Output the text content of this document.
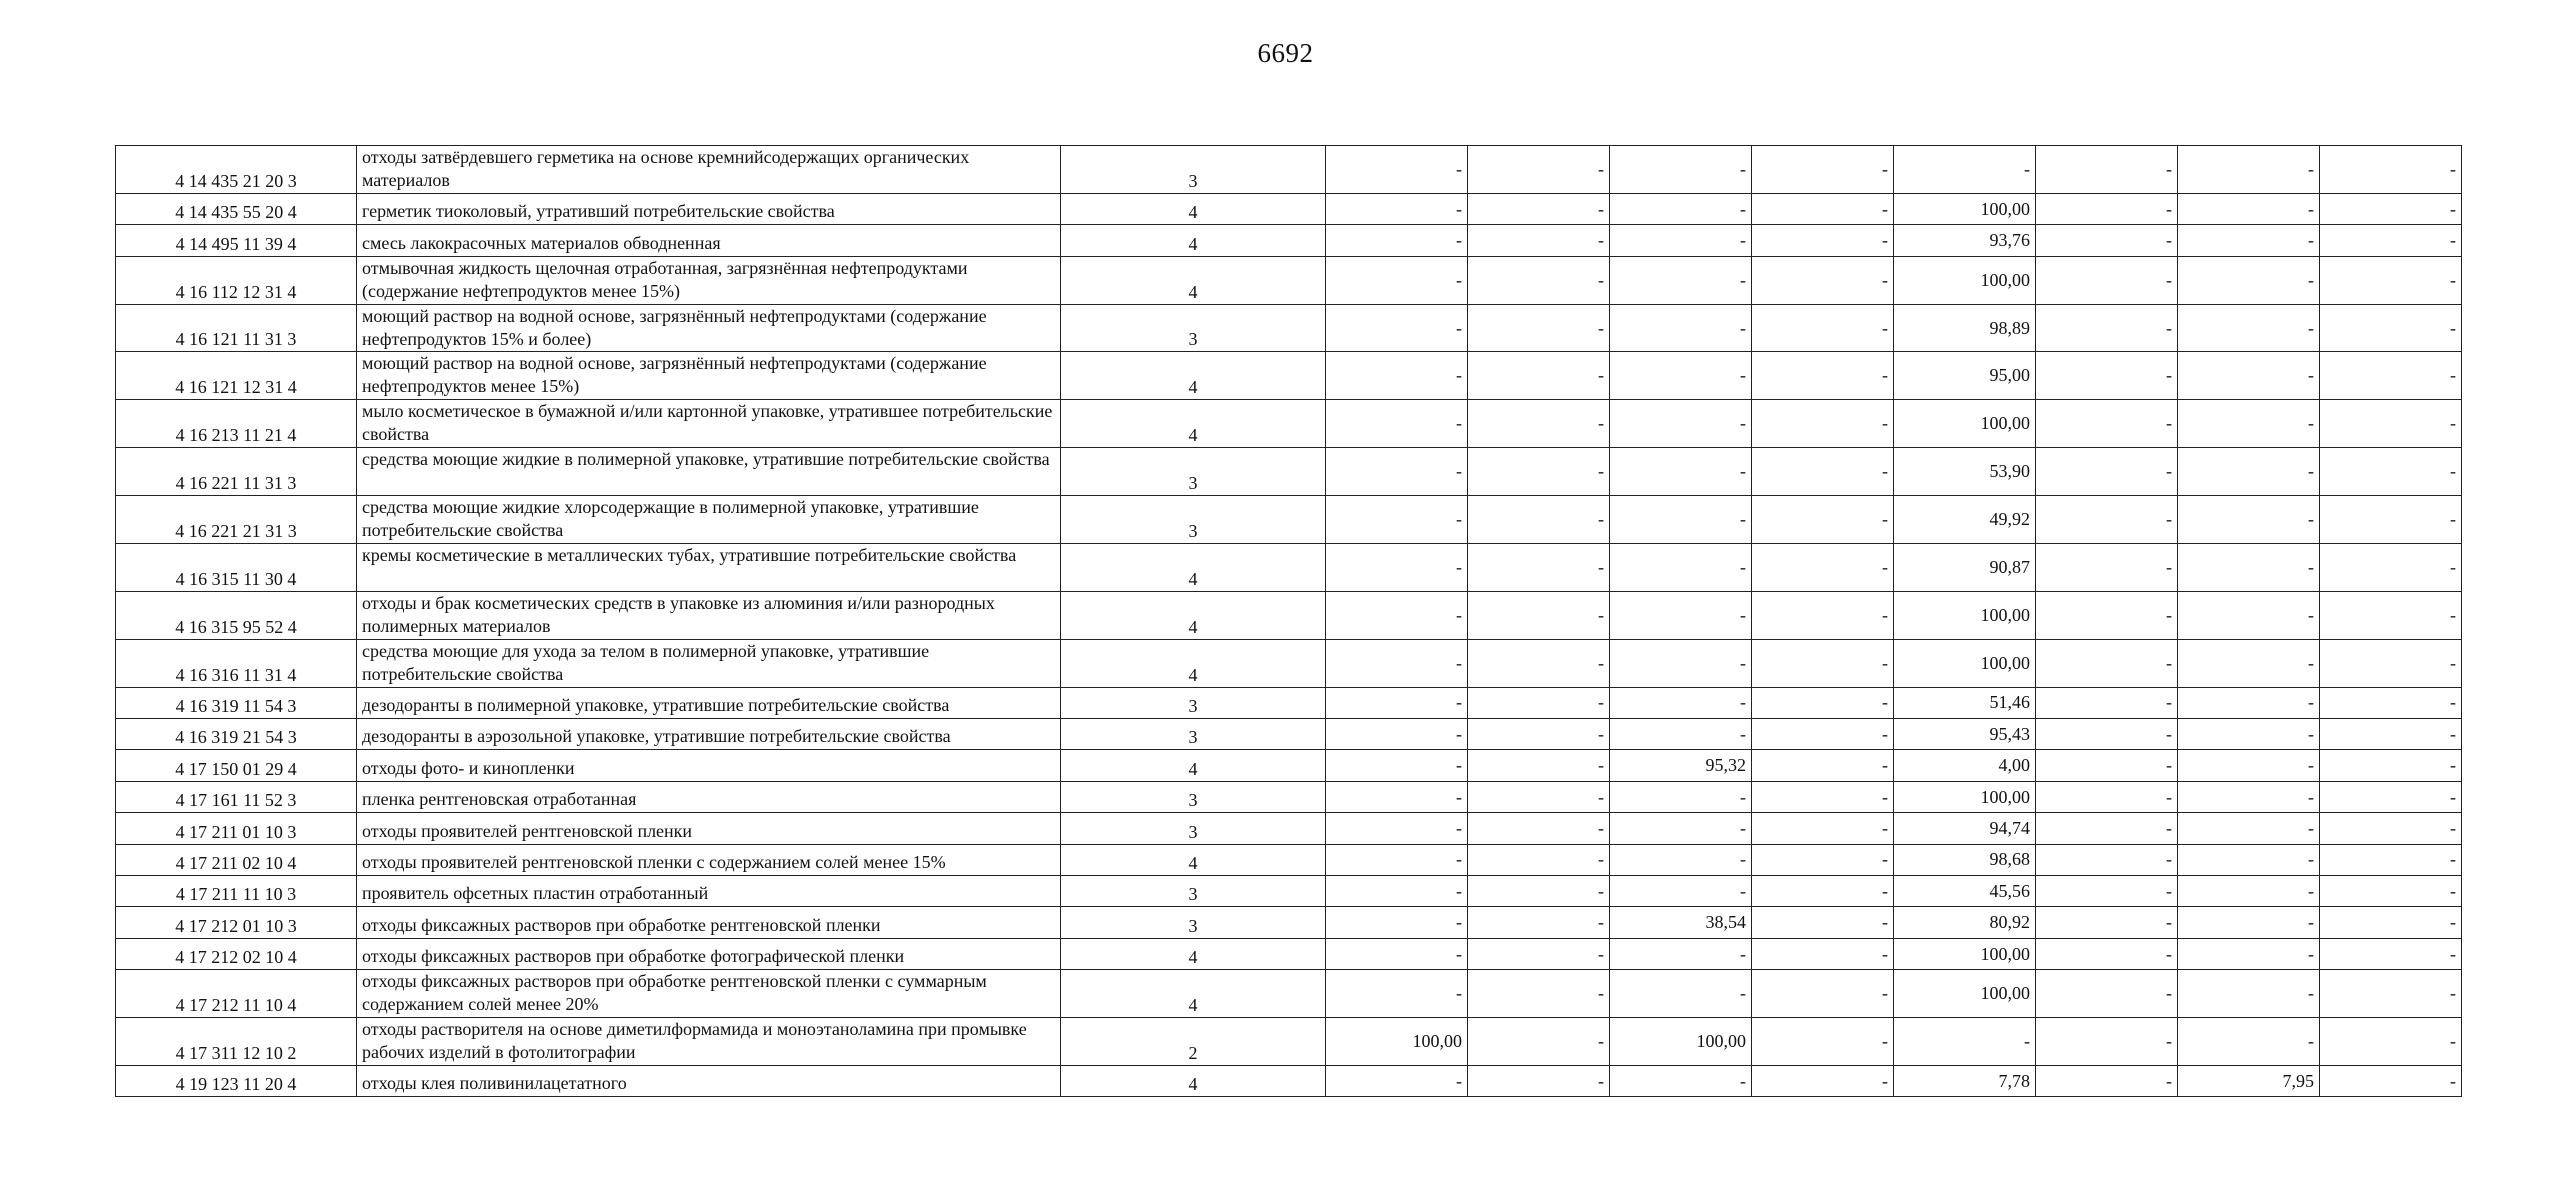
6692
4 14 435 21 20 3	отходы затвёрдевшего герметика на основе кремнийсодержащих органических материалов	3	-	-	-	-	-	-	-	-
4 14 435 55 20 4	герметик тиоколовый, утративший потребительские свойства	4	-	-	-	-	100,00	-	-	-
4 14 495 11 39 4	смесь лакокрасочных материалов обводненная	4	-	-	-	-	93,76	-	-	-
4 16 112 12 31 4	отмывочная жидкость щелочная отработанная, загрязнённая нефтепродуктами (содержание нефтепродуктов менее 15%)	4	-	-	-	-	100,00	-	-	-
4 16 121 11 31 3	моющий раствор на водной основе, загрязнённый нефтепродуктами (содержание нефтепродуктов 15% и более)	3	-	-	-	-	98,89	-	-	-
4 16 121 12 31 4	моющий раствор на водной основе, загрязнённый нефтепродуктами (содержание нефтепродуктов менее 15%)	4	-	-	-	-	95,00	-	-	-
4 16 213 11 21 4	мыло косметическое в бумажной и/или картонной упаковке, утратившее потребительские свойства	4	-	-	-	-	100,00	-	-	-
4 16 221 11 31 3	средства моющие жидкие в полимерной упаковке, утратившие потребительские свойства	3	-	-	-	-	53,90	-	-	-
4 16 221 21 31 3	средства моющие жидкие хлорсодержащие в полимерной упаковке, утратившие потребительские свойства	3	-	-	-	-	49,92	-	-	-
4 16 315 11 30 4	кремы косметические в металлических тубах, утратившие потребительские свойства	4	-	-	-	-	90,87	-	-	-
4 16 315 95 52 4	отходы и брак косметических средств в упаковке из алюминия и/или разнородных полимерных материалов	4	-	-	-	-	100,00	-	-	-
4 16 316 11 31 4	средства моющие для ухода за телом в полимерной упаковке, утратившие потребительские свойства	4	-	-	-	-	100,00	-	-	-
4 16 319 11 54 3	дезодоранты в полимерной упаковке, утратившие потребительские свойства	3	-	-	-	-	51,46	-	-	-
4 16 319 21 54 3	дезодоранты в аэрозольной упаковке, утратившие потребительские свойства	3	-	-	-	-	95,43	-	-	-
4 17 150 01 29 4	отходы фото- и кинопленки	4	-	-	95,32	-	4,00	-	-	-
4 17 161 11 52 3	пленка рентгеновская отработанная	3	-	-	-	-	100,00	-	-	-
4 17 211 01 10 3	отходы проявителей рентгеновской пленки	3	-	-	-	-	94,74	-	-	-
4 17 211 02 10 4	отходы проявителей рентгеновской пленки с содержанием солей менее 15%	4	-	-	-	-	98,68	-	-	-
4 17 211 11 10 3	проявитель офсетных пластин отработанный	3	-	-	-	-	45,56	-	-	-
4 17 212 01 10 3	отходы фиксажных растворов при обработке рентгеновской пленки	3	-	-	38,54	-	80,92	-	-	-
4 17 212 02 10 4	отходы фиксажных растворов при обработке фотографической пленки	4	-	-	-	-	100,00	-	-	-
4 17 212 11 10 4	отходы фиксажных растворов при обработке рентгеновской пленки с суммарным содержанием солей менее 20%	4	-	-	-	-	100,00	-	-	-
4 17 311 12 10 2	отходы растворителя на основе диметилформамида и моноэтаноламина при промывке рабочих изделий в фотолитографии	2	100,00	-	100,00	-	-	-	-	-
4 19 123 11 20 4	отходы клея поливинилацетатного	4	-	-	-	-	7,78	-	7,95	-
